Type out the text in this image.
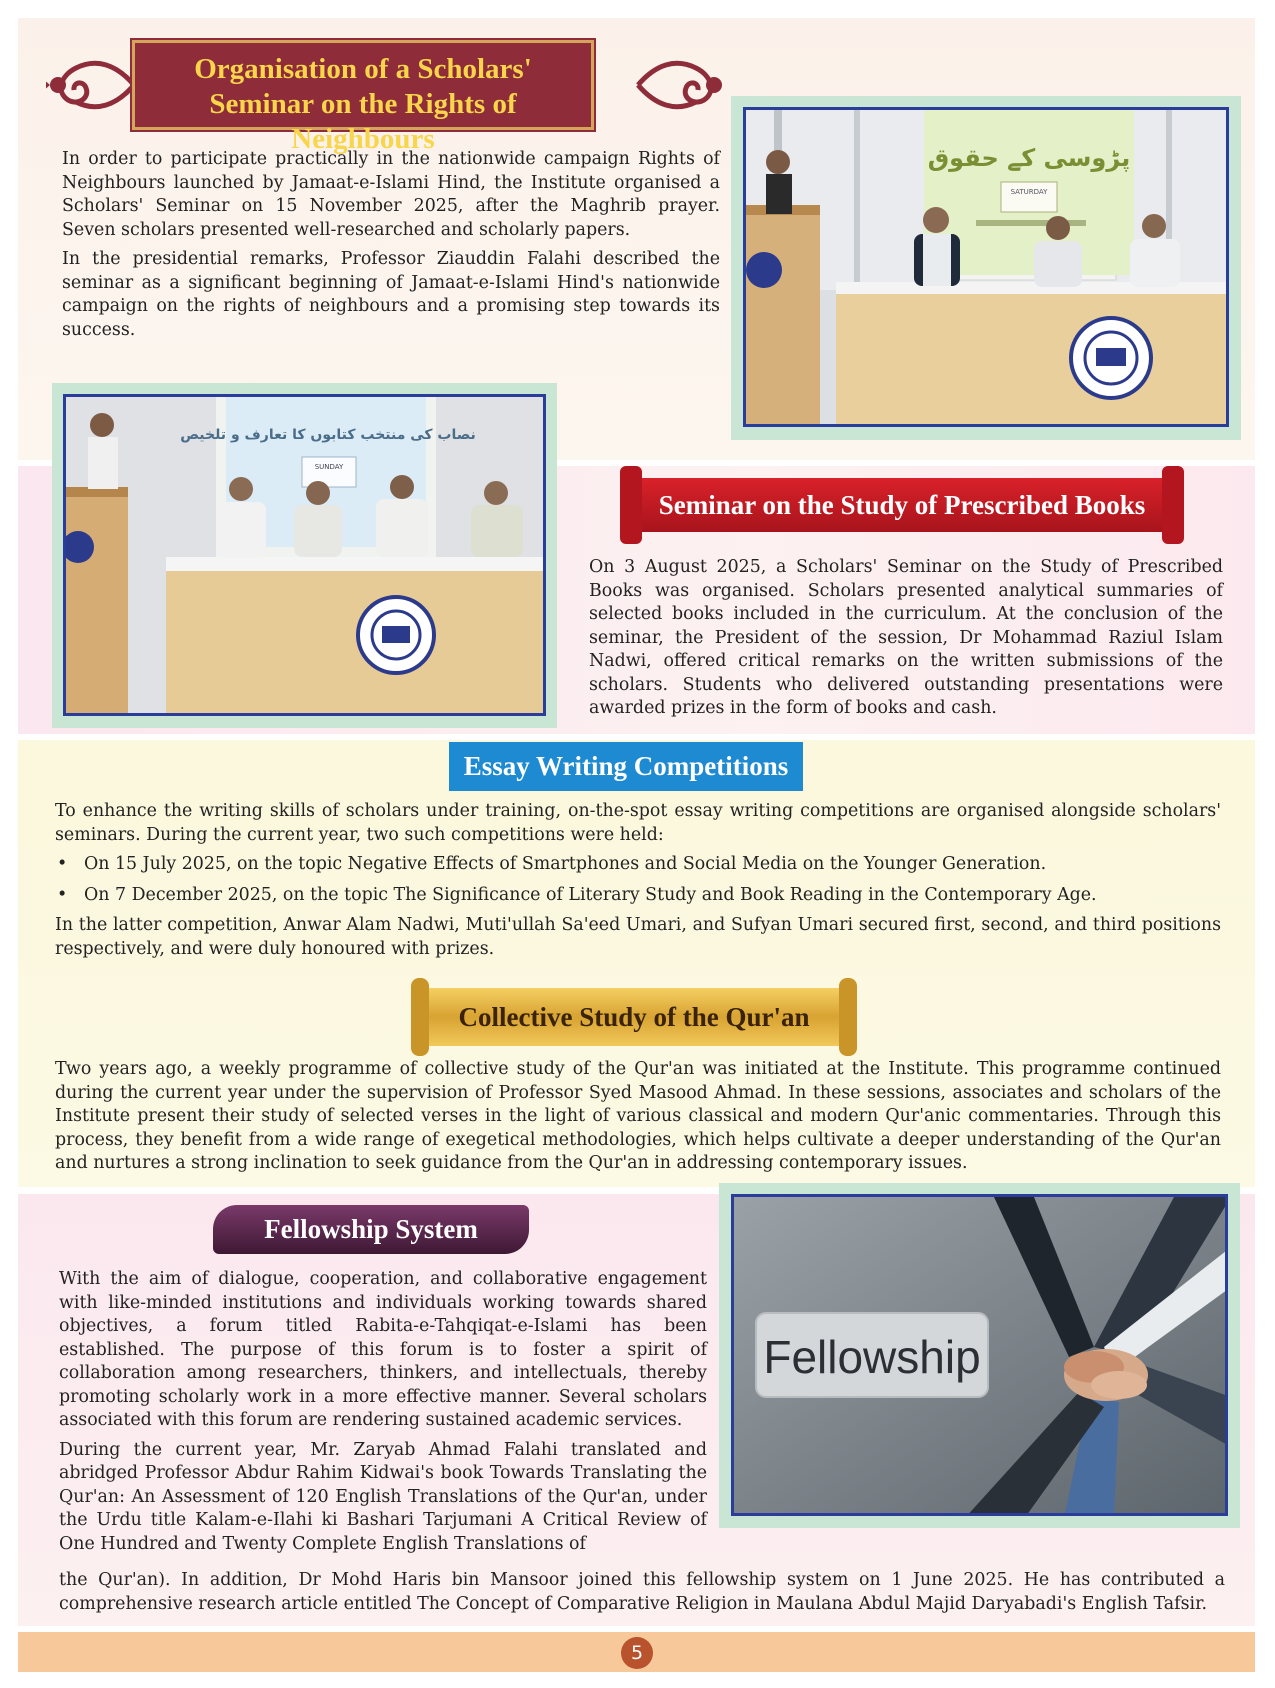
Organisation of a Scholars'
Seminar on the Rights of Neighbours

In order to participate practically in the nationwide campaign Rights of Neighbours launched by Jamaat-e-Islami Hind, the Institute organised a Scholars' Seminar on 15 November 2025, after the Maghrib prayer. Seven scholars presented well-researched and scholarly papers.

In the presidential remarks, Professor Ziauddin Falahi described the seminar as a significant beginning of Jamaat-e-Islami Hind's nationwide campaign on the rights of neighbours and a promising step towards its success.

پڑوسی کے حقوق
SATURDAY
نصاب کی منتخب کتابوں کا تعارف و تلخیص
SUNDAY
Seminar on the Study of Prescribed Books

On 3 August 2025, a Scholars' Seminar on the Study of Prescribed Books was organised. Scholars presented analytical summaries of selected books included in the curriculum. At the conclusion of the seminar, the President of the session, Dr Mohammad Raziul Islam Nadwi, offered critical remarks on the written submissions of the scholars. Students who delivered outstanding presentations were awarded prizes in the form of books and cash.

Essay Writing Competitions

To enhance the writing skills of scholars under training, on-the-spot essay writing competitions are organised alongside scholars' seminars. During the current year, two such competitions were held:

• On 15 July 2025, on the topic Negative Effects of Smartphones and Social Media on the Younger Generation.
• On 7 December 2025, on the topic The Significance of Literary Study and Book Reading in the Contemporary Age.

In the latter competition, Anwar Alam Nadwi, Muti'ullah Sa'eed Umari, and Sufyan Umari secured first, second, and third positions respectively, and were duly honoured with prizes.

Collective Study of the Qur'an

Two years ago, a weekly programme of collective study of the Qur'an was initiated at the Institute. This programme continued during the current year under the supervision of Professor Syed Masood Ahmad. In these sessions, associates and scholars of the Institute present their study of selected verses in the light of various classical and modern Qur'anic commentaries. Through this process, they benefit from a wide range of exegetical methodologies, which helps cultivate a deeper understanding of the Qur'an and nurtures a strong inclination to seek guidance from the Qur'an in addressing contemporary issues.

Fellowship System

With the aim of dialogue, cooperation, and collaborative engagement with like-minded institutions and individuals working towards shared objectives, a forum titled Rabita-e-Tahqiqat-e-Islami has been established. The purpose of this forum is to foster a spirit of collaboration among researchers, thinkers, and intellectuals, thereby promoting scholarly work in a more effective manner. Several scholars associated with this forum are rendering sustained academic services.

During the current year, Mr. Zaryab Ahmad Falahi translated and abridged Professor Abdur Rahim Kidwai's book Towards Translating the Qur'an: An Assessment of 120 English Translations of the Qur'an, under the Urdu title Kalam-e-Ilahi ki Bashari Tarjumani A Critical Review of One Hundred and Twenty Complete English Translations of

the Qur'an). In addition, Dr Mohd Haris bin Mansoor joined this fellowship system on 1 June 2025. He has contributed a comprehensive research article entitled The Concept of Comparative Religion in Maulana Abdul Majid Daryabadi's English Tafsir.

Fellowship
5
